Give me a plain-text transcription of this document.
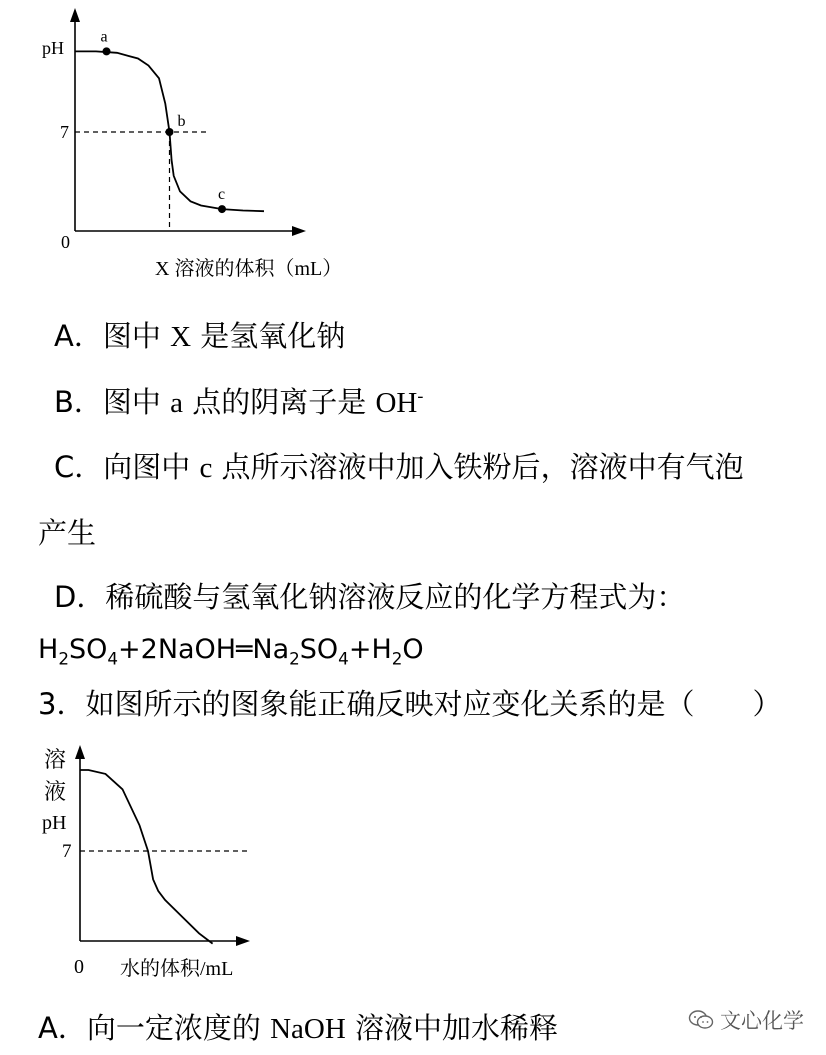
pH
0
7
a
b
c
X 溶液的体积（mL）
A．图中 X 是氢氧化钠
B．图中 a 点的阴离子是 OH-
C．向图中 c 点所示溶液中加入铁粉后，溶液中有气泡
产生
D．稀硫酸与氢氧化钠溶液反应的化学方程式为：
$H_2SO_4+2NaOH═Na_2SO_4+H_2O$
3．如图所示的图象能正确反映对应变化关系的是（　　）
溶
液
pH
7
0 水的体积/mL
A．向一定浓度的 NaOH 溶液中加水稀释	文心化学
